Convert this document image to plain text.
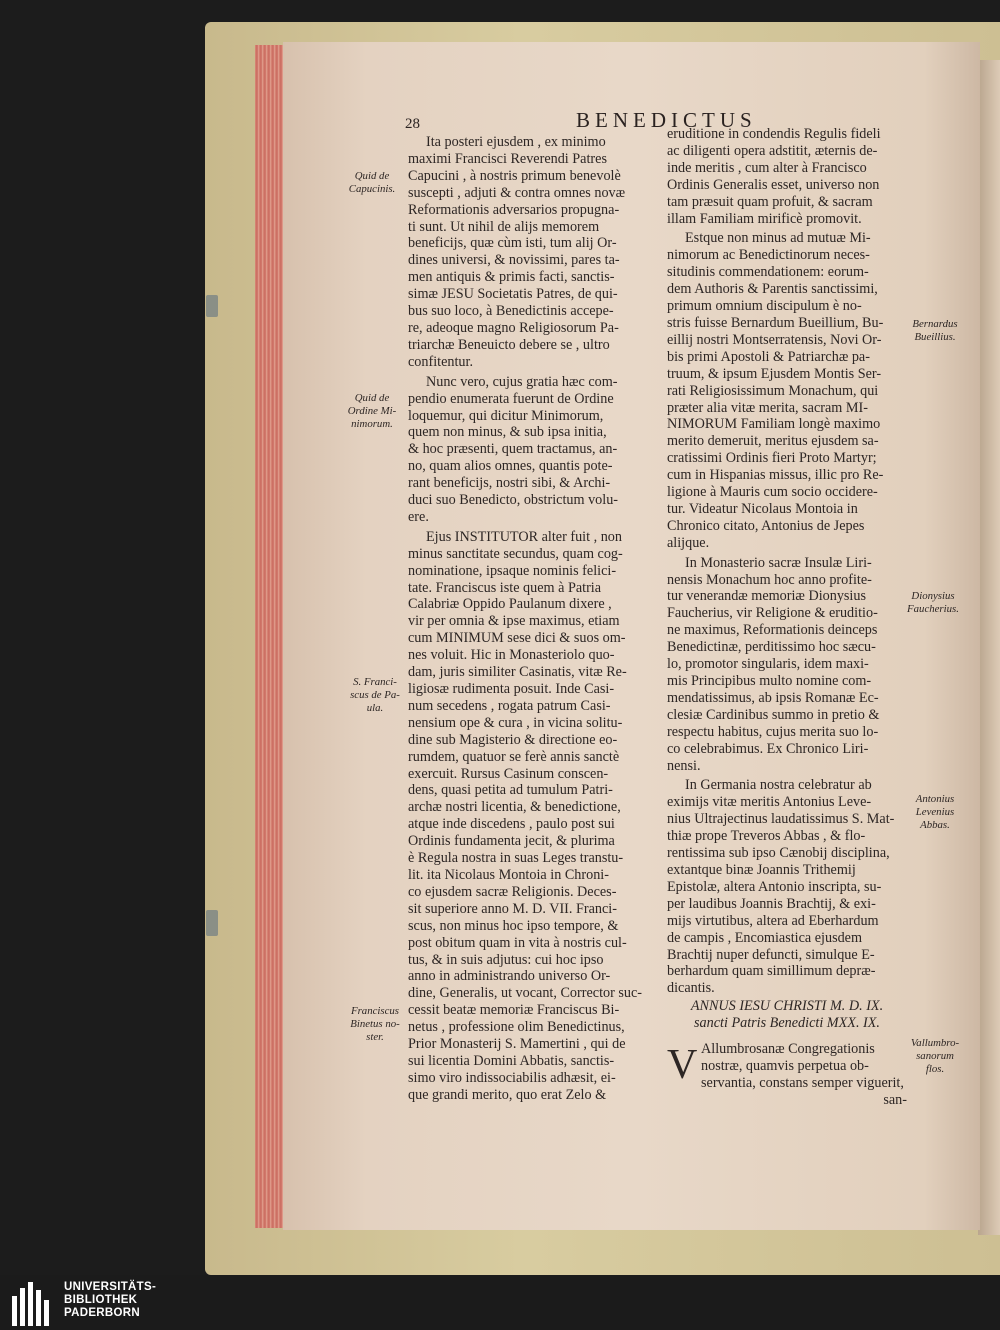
28	BENEDICTUS

Ita posteri ejusdem , ex minimo

maximi Francisci Reverendi Patres

Capucini , à nostris primum benevolè

suscepti , adjuti & contra omnes novæ

Reformationis adversarios propugna-

ti sunt. Ut nihil de alijs memorem

beneficijs, quæ cùm isti, tum alij Or-

dines universi, & novissimi, pares ta-

men antiquis & primis facti, sanctis-

simæ JESU Societatis Patres, de qui-

bus suo loco, à Benedictinis accepe-

re, adeoque magno Religiosorum Pa-

triarchæ Beneuicto debere se , ultro

confitentur.

Nunc vero, cujus gratia hæc com-

pendio enumerata fuerunt de Ordine

loquemur, qui dicitur Minimorum,

quem non minus, & sub ipsa initia,

& hoc præsenti, quem tractamus, an-

no, quam alios omnes, quantis pote-

rant beneficijs, nostri sibi, & Archi-

duci suo Benedicto, obstrictum volu-

ere.

Ejus INSTITUTOR alter fuit , non

minus sanctitate secundus, quam cog-

nominatione, ipsaque nominis felici-

tate. Franciscus iste quem à Patria

Calabriæ Oppido Paulanum dixere ,

vir per omnia & ipse maximus, etiam

cum MINIMUM sese dici & suos om-

nes voluit. Hic in Monasteriolo quo-

dam, juris similiter Casinatis, vitæ Re-

ligiosæ rudimenta posuit. Inde Casi-

num secedens , rogata patrum Casi-

nensium ope & cura , in vicina solitu-

dine sub Magisterio & directione eo-

rumdem, quatuor se ferè annis sanctè

exercuit. Rursus Casinum conscen-

dens, quasi petita ad tumulum Patri-

archæ nostri licentia, & benedictione,

atque inde discedens , paulo post sui

Ordinis fundamenta jecit, & plurima

è Regula nostra in suas Leges transtu-

lit. ita Nicolaus Montoia in Chroni-

co ejusdem sacræ Religionis. Deces-

sit superiore anno M. D. VII. Franci-

scus, non minus hoc ipso tempore, &

post obitum quam in vita à nostris cul-

tus, & in suis adjutus: cui hoc ipso

anno in administrando universo Or-

dine, Generalis, ut vocant, Corrector suc-

cessit beatæ memoriæ Franciscus Bi-

netus , professione olim Benedictinus,

Prior Monasterij S. Mamertini , qui de

sui licentia Domini Abbatis, sanctis-

simo viro indissociabilis adhæsit, ei-

que grandi merito, quo erat Zelo &

eruditione in condendis Regulis fideli

ac diligenti opera adstitit, æternis de-

inde meritis , cum alter à Francisco

Ordinis Generalis esset, universo non

tam præsuit quam profuit, & sacram

illam Familiam mirificè promovit.

Estque non minus ad mutuæ Mi-

nimorum ac Benedictinorum neces-

situdinis commendationem: eorum-

dem Authoris & Parentis sanctissimi,

primum omnium discipulum è no-

stris fuisse Bernardum Bueillium, Bu-

eillij nostri Montserratensis, Novi Or-

bis primi Apostoli & Patriarchæ pa-

truum, & ipsum Ejusdem Montis Ser-

rati Religiosissimum Monachum, qui

præter alia vitæ merita, sacram MI-

NIMORUM Familiam longè maximo

merito demeruit, meritus ejusdem sa-

cratissimi Ordinis fieri Proto Martyr;

cum in Hispanias missus, illic pro Re-

ligione à Mauris cum socio occidere-

tur. Videatur Nicolaus Montoia in

Chronico citato, Antonius de Jepes

alijque.

In Monasterio sacræ Insulæ Liri-

nensis Monachum hoc anno profite-

tur venerandæ memoriæ Dionysius

Faucherius, vir Religione & eruditio-

ne maximus, Reformationis deinceps

Benedictinæ, perditissimo hoc sæcu-

lo, promotor singularis, idem maxi-

mis Principibus multo nomine com-

mendatissimus, ab ipsis Romanæ Ec-

clesiæ Cardinibus summo in pretio &

respectu habitus, cujus merita suo lo-

co celebrabimus. Ex Chronico Liri-

nensi.

In Germania nostra celebratur ab

eximijs vitæ meritis Antonius Leve-

nius Ultrajectinus laudatissimus S. Mat-

thiæ prope Treveros Abbas , & flo-

rentissima sub ipso Cænobij disciplina,

extantque binæ Joannis Trithemij

Epistolæ, altera Antonio inscripta, su-

per laudibus Joannis Brachtij, & exi-

mijs virtutibus, altera ad Eberhardum

de campis , Encomiastica ejusdem

Brachtij nuper defuncti, simulque E-

berhardum quam simillimum depræ-

dicantis.

ANNUS IESU CHRISTI M. D. IX.

sancti Patris Benedicti MXX. IX.

V Allumbrosanæ Congregationis

nostræ, quamvis perpetua ob-

servantia, constans semper viguerit,

san-

Quid de

Capucinis.

Quid de

Ordine Mi-

nimorum.

S. Franci-

scus de Pa-

ula.

Franciscus

Binetus no-

ster.

Bernardus

Bueillius.

Dionysius

Faucherius.

Antonius

Levenius

Abbas.

Vallumbro-

sanorum

flos.

UNIVERSITÄTS-

BIBLIOTHEK

PADERBORN
